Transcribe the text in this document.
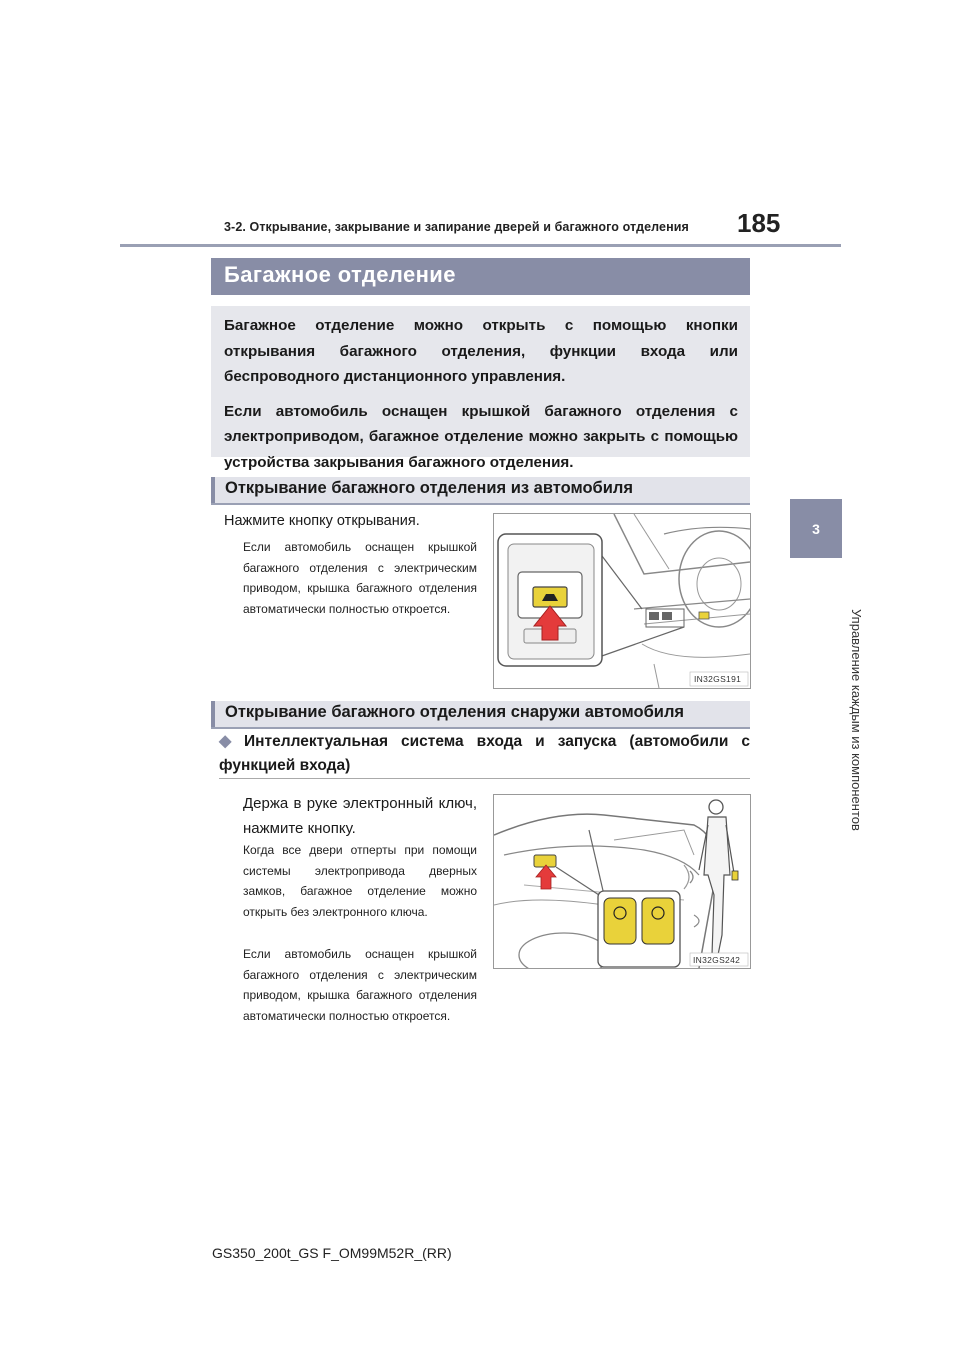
3-2. Открывание, закрывание и запирание дверей и багажного отделения 185
3
Управление каждым из компонентов
Багажное отделение

Багажное отделение можно открыть с помощью кнопки открывания багажного отделения, функции входа или беспроводного дистанционного управления.

Если автомобиль оснащен крышкой багажного отделения с электроприводом, багажное отделение можно закрыть с помощью устройства закрывания багажного отделения.

Открывание багажного отделения из автомобиля
Нажмите кнопку открывания.
Если автомобиль оснащен крышкой багажного отделения с электрическим приводом, крышка багажного отделения автоматически полностью откроется.
IN32GS191
Открывание багажного отделения снаружи автомобиля
◆ Интеллектуальная система входа и запуска (автомобили с функцией входа)
Держа в руке электронный ключ, нажмите кнопку.
Когда все двери отперты при помощи системы электропривода дверных замков, багажное отделение можно открыть без электронного ключа.
Если автомобиль оснащен крышкой багажного отделения с электрическим приводом, крышка багажного отделения автоматически полностью откроется.
IN32GS242
GS350_200t_GS F_OM99M52R_(RR)
